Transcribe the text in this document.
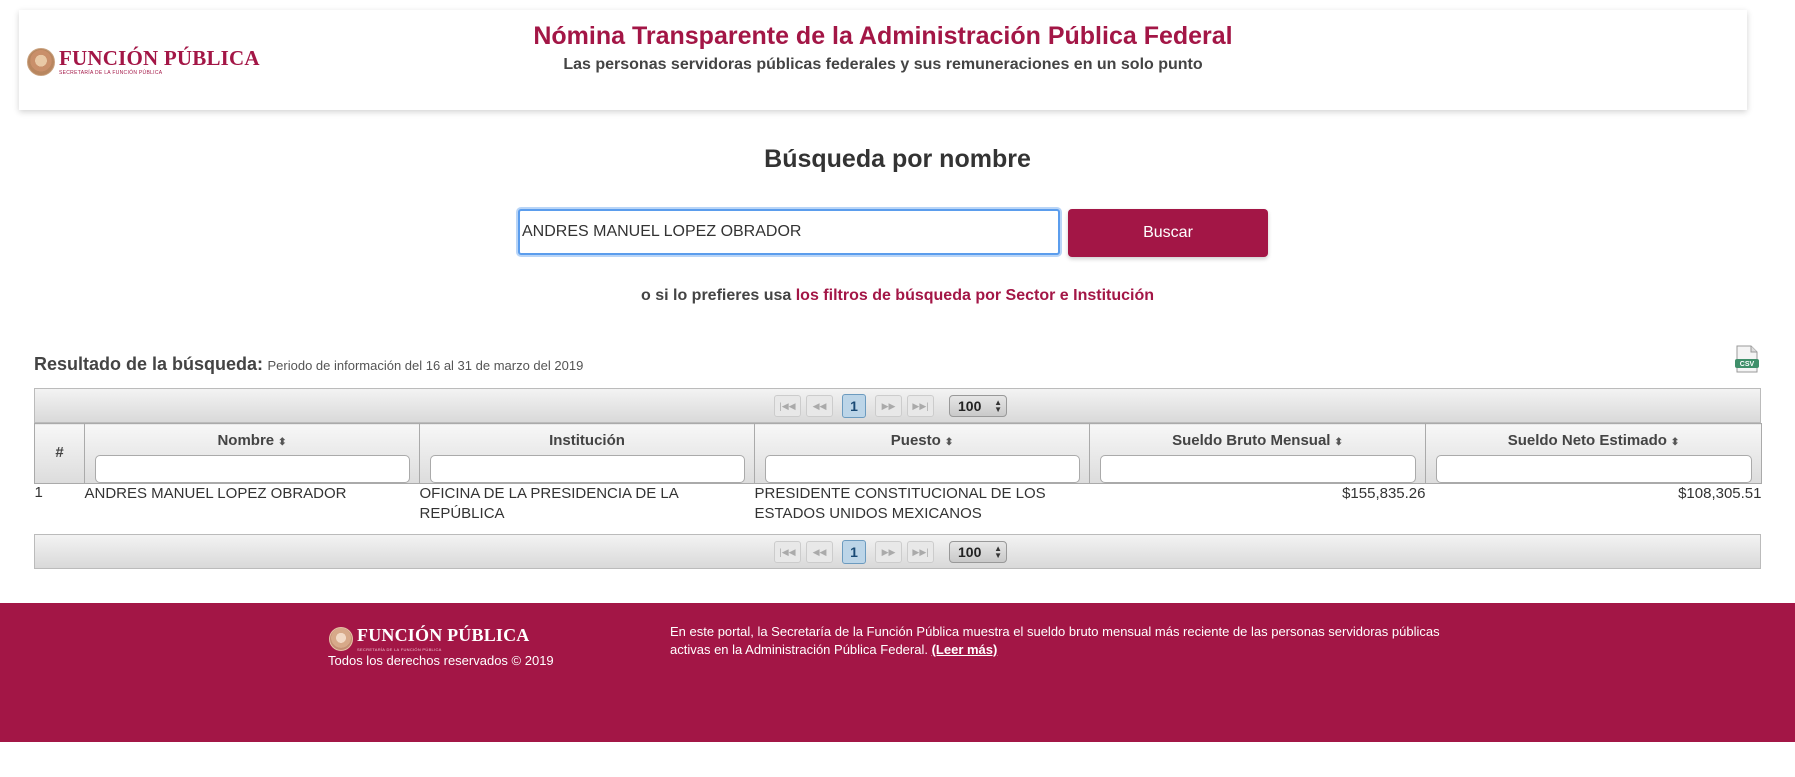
FUNCIÓN PÚBLICA
SECRETARÍA DE LA FUNCIÓN PÚBLICA
Nómina Transparente de la Administración Pública Federal
Las personas servidoras públicas federales y sus remuneraciones en un solo punto
Búsqueda por nombre
ANDRES MANUEL LOPEZ OBRADOR
Buscar
o si lo prefieres usa los filtros de búsqueda por Sector e Institución
Resultado de la búsqueda: Periodo de información del 16 al 31 de marzo del 2019	CSV
|◀◀	◀◀	1	▶▶	▶▶|	100 ▲
▼
#	Nombre ⬍	Institución	Puesto ⬍	Sueldo Bruto Mensual ⬍	Sueldo Neto Estimado ⬍

1	ANDRES MANUEL LOPEZ OBRADOR	OFICINA DE LA PRESIDENCIA DE LA REPÚBLICA	PRESIDENTE CONSTITUCIONAL DE LOS ESTADOS UNIDOS MEXICANOS	$155,835.26	$108,305.51
|◀◀	◀◀	1	▶▶	▶▶|	100 ▲
▼
FUNCIÓN PÚBLICA
SECRETARÍA DE LA FUNCIÓN PÚBLICA
Todos los derechos reservados © 2019
En este portal, la Secretaría de la Función Pública muestra el sueldo bruto mensual más reciente de las personas servidoras públicas activas en la Administración Pública Federal. (Leer más)
